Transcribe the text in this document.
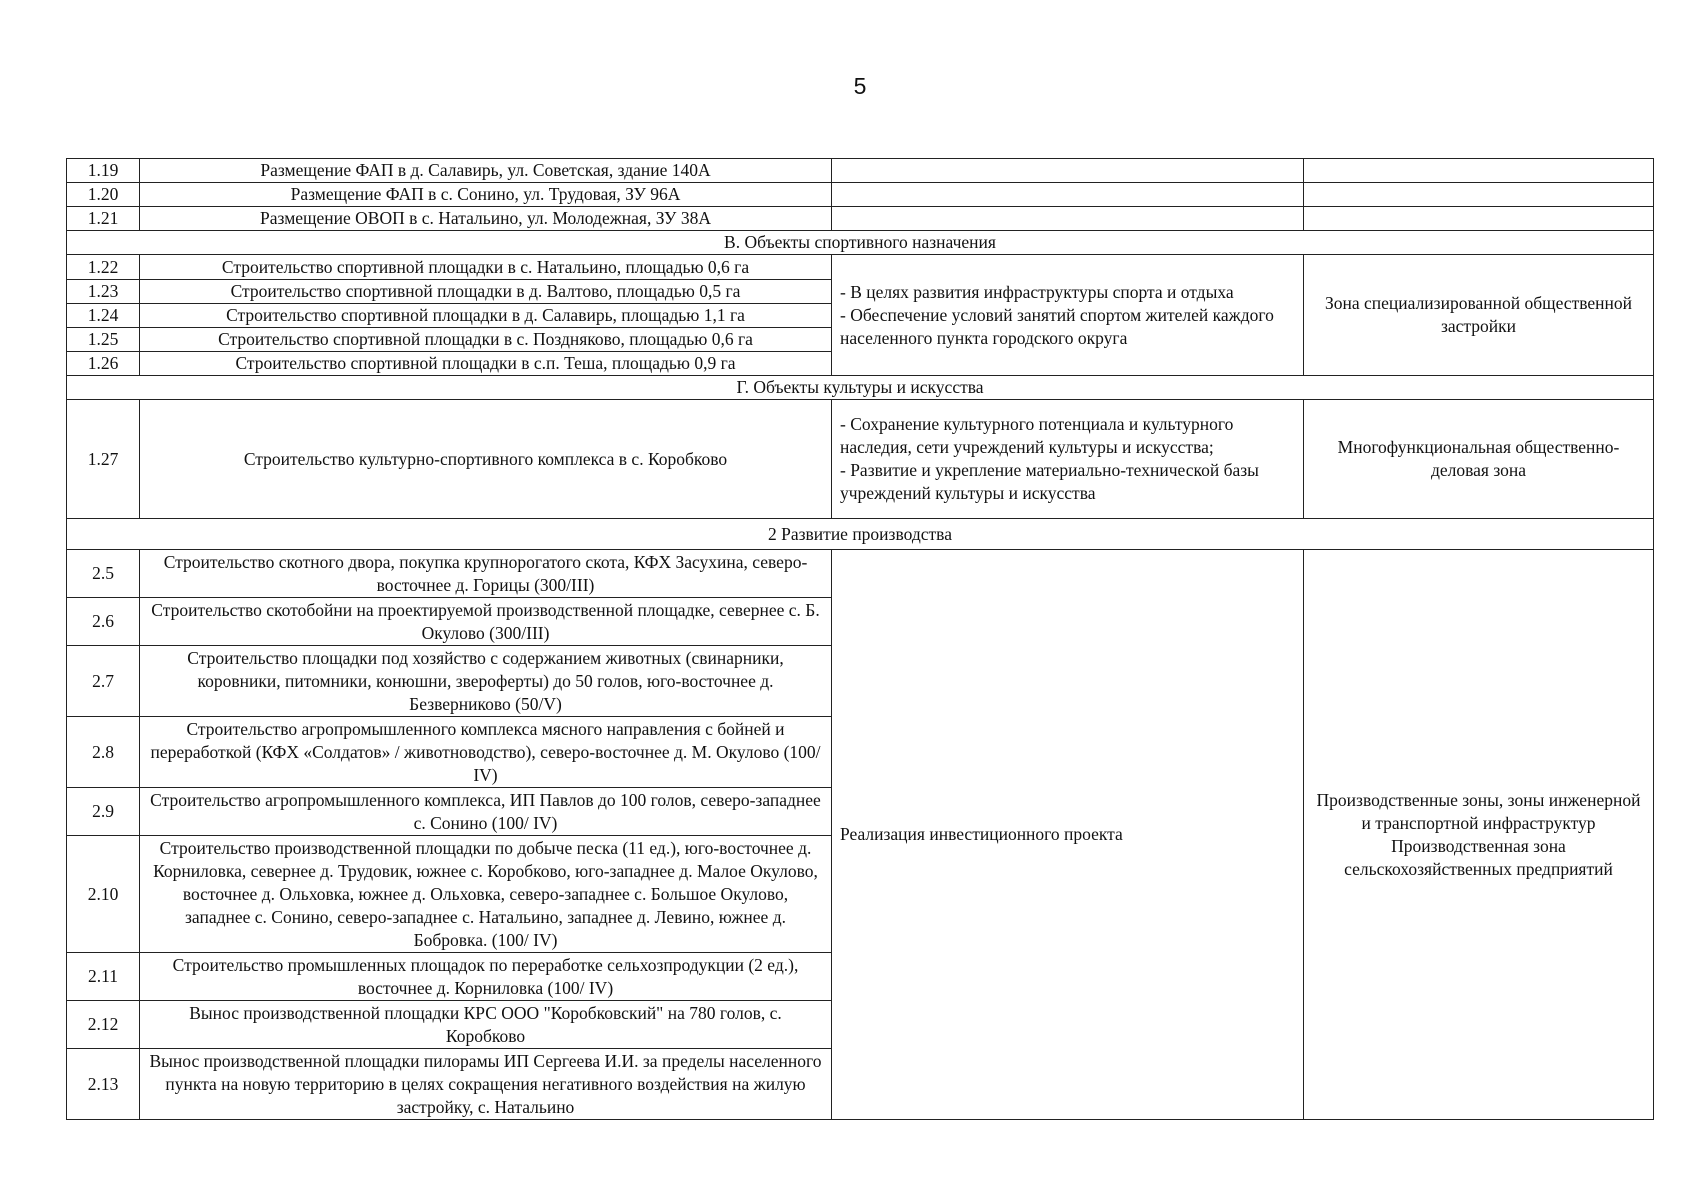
5
1.19	Размещение ФАП в д. Салавирь, ул. Советская, здание 140А		
1.20	Размещение ФАП в с. Сонино, ул. Трудовая, ЗУ 96А		
1.21	Размещение ОВОП в с. Натальино, ул. Молодежная, ЗУ 38А		
В. Объекты спортивного назначения			
1.22	Строительство спортивной площадки в с. Натальино, площадью 0,6 га	- В целях развития инфраструктуры спорта и отдыха
- Обеспечение условий занятий спортом жителей каждого населенного пункта городского округа	Зона специализированной общественной застройки
1.23	Строительство спортивной площадки в д. Валтово, площадью 0,5 га		
1.24	Строительство спортивной площадки в д. Салавирь, площадью 1,1 га		
1.25	Строительство спортивной площадки в с. Поздняково, площадью 0,6 га		
1.26	Строительство спортивной площадки в с.п. Теша, площадью 0,9 га		
Г. Объекты культуры и искусства			
1.27	Строительство культурно-спортивного комплекса в с. Коробково	- Сохранение культурного потенциала и культурного наследия, сети учреждений культуры и искусства;
- Развитие и укрепление материально-технической базы учреждений культуры и искусства	Многофункциональная общественно-деловая зона
2 Развитие производства			
2.5	Строительство скотного двора, покупка крупнорогатого скота, КФХ Засухина, северо-восточнее д. Горицы (300/III)	Реализация инвестиционного проекта	Производственные зоны, зоны инженерной и транспортной инфраструктур
Производственная зона сельскохозяйственных предприятий
2.6	Строительство скотобойни на проектируемой производственной площадке, севернее с. Б. Окулово (300/III)		
2.7	Строительство площадки под хозяйство с содержанием животных (свинарники, коровники, питомники, конюшни, звероферты) до 50 голов, юго-восточнее д. Безверниково (50/V)		
2.8	Строительство агропромышленного комплекса мясного направления с бойней и переработкой (КФХ «Солдатов» / животноводство), северо-восточнее д. М. Окулово (100/ IV)		
2.9	Строительство агропромышленного комплекса, ИП Павлов до 100 голов, северо-западнее с. Сонино (100/ IV)		
2.10	Строительство производственной площадки по добыче песка (11 ед.), юго-восточнее д. Корниловка, севернее д. Трудовик, южнее с. Коробково, юго-западнее д. Малое Окулово, восточнее д. Ольховка, южнее д. Ольховка, северо-западнее с. Большое Окулово, западнее с. Сонино, северо-западнее с. Натальино, западнее д. Левино, южнее д. Бобровка. (100/ IV)		
2.11	Строительство промышленных площадок по переработке сельхозпродукции (2 ед.), восточнее д. Корниловка (100/ IV)		
2.12	Вынос производственной площадки КРС ООО "Коробковский" на 780 голов, с. Коробково		
2.13	Вынос производственной площадки пилорамы ИП Сергеева И.И. за пределы населенного пункта на новую территорию в целях сокращения негативного воздействия на жилую застройку, с. Натальино		
